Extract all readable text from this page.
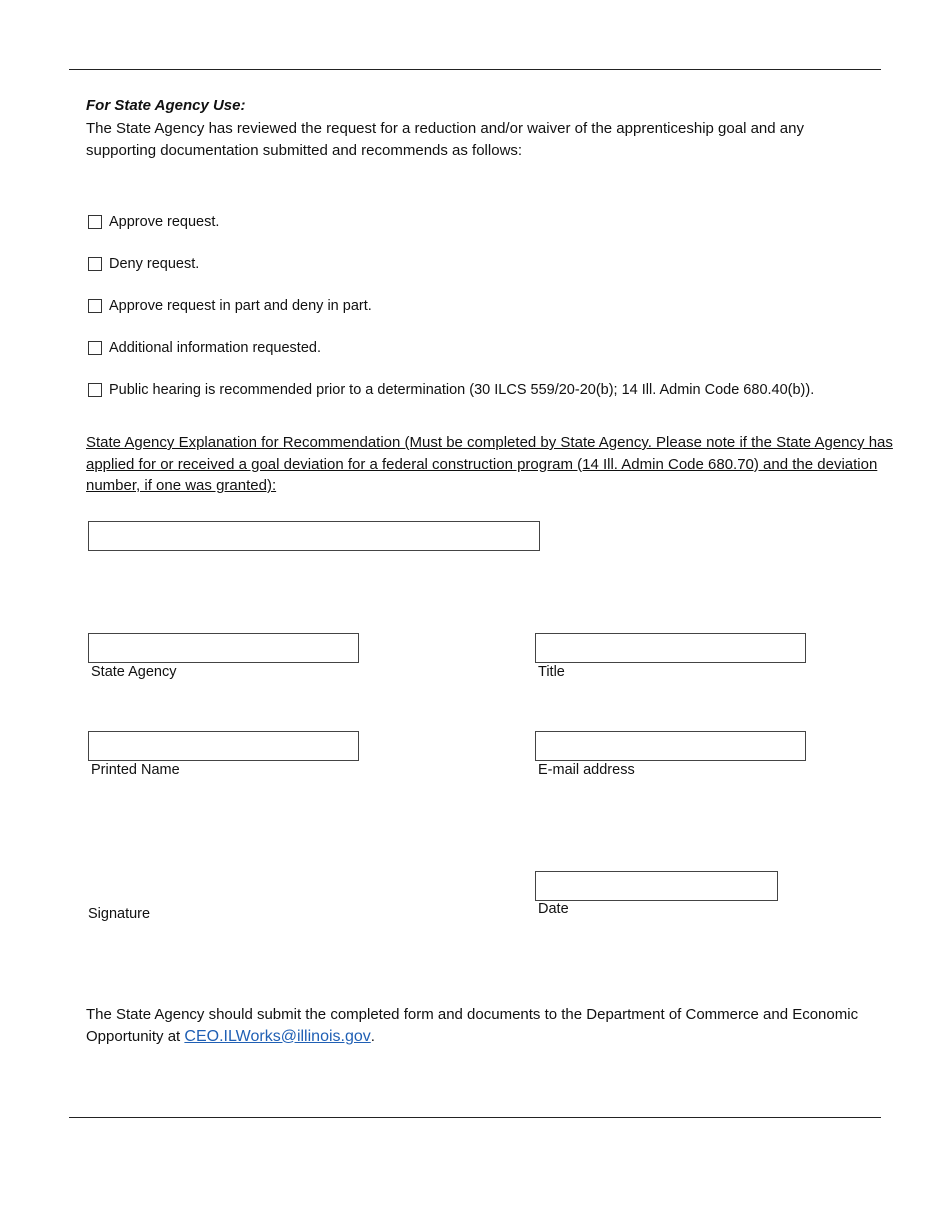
For State Agency Use:
The State Agency has reviewed the request for a reduction and/or waiver of the apprenticeship goal and any supporting documentation submitted and recommends as follows:
Approve request.
Deny request.
Approve request in part and deny in part.
Additional information requested.
Public hearing is recommended prior to a determination (30 ILCS 559/20-20(b); 14 Ill. Admin Code 680.40(b)).
State Agency Explanation for Recommendation (Must be completed by State Agency. Please note if the State Agency has applied for or received a goal deviation for a federal construction program (14 Ill. Admin Code 680.70) and the deviation number, if one was granted):
State Agency	Title
Printed Name	E-mail address
Signature	Date
The State Agency should submit the completed form and documents to the Department of Commerce and Economic Opportunity at CEO.ILWorks@illinois.gov.
